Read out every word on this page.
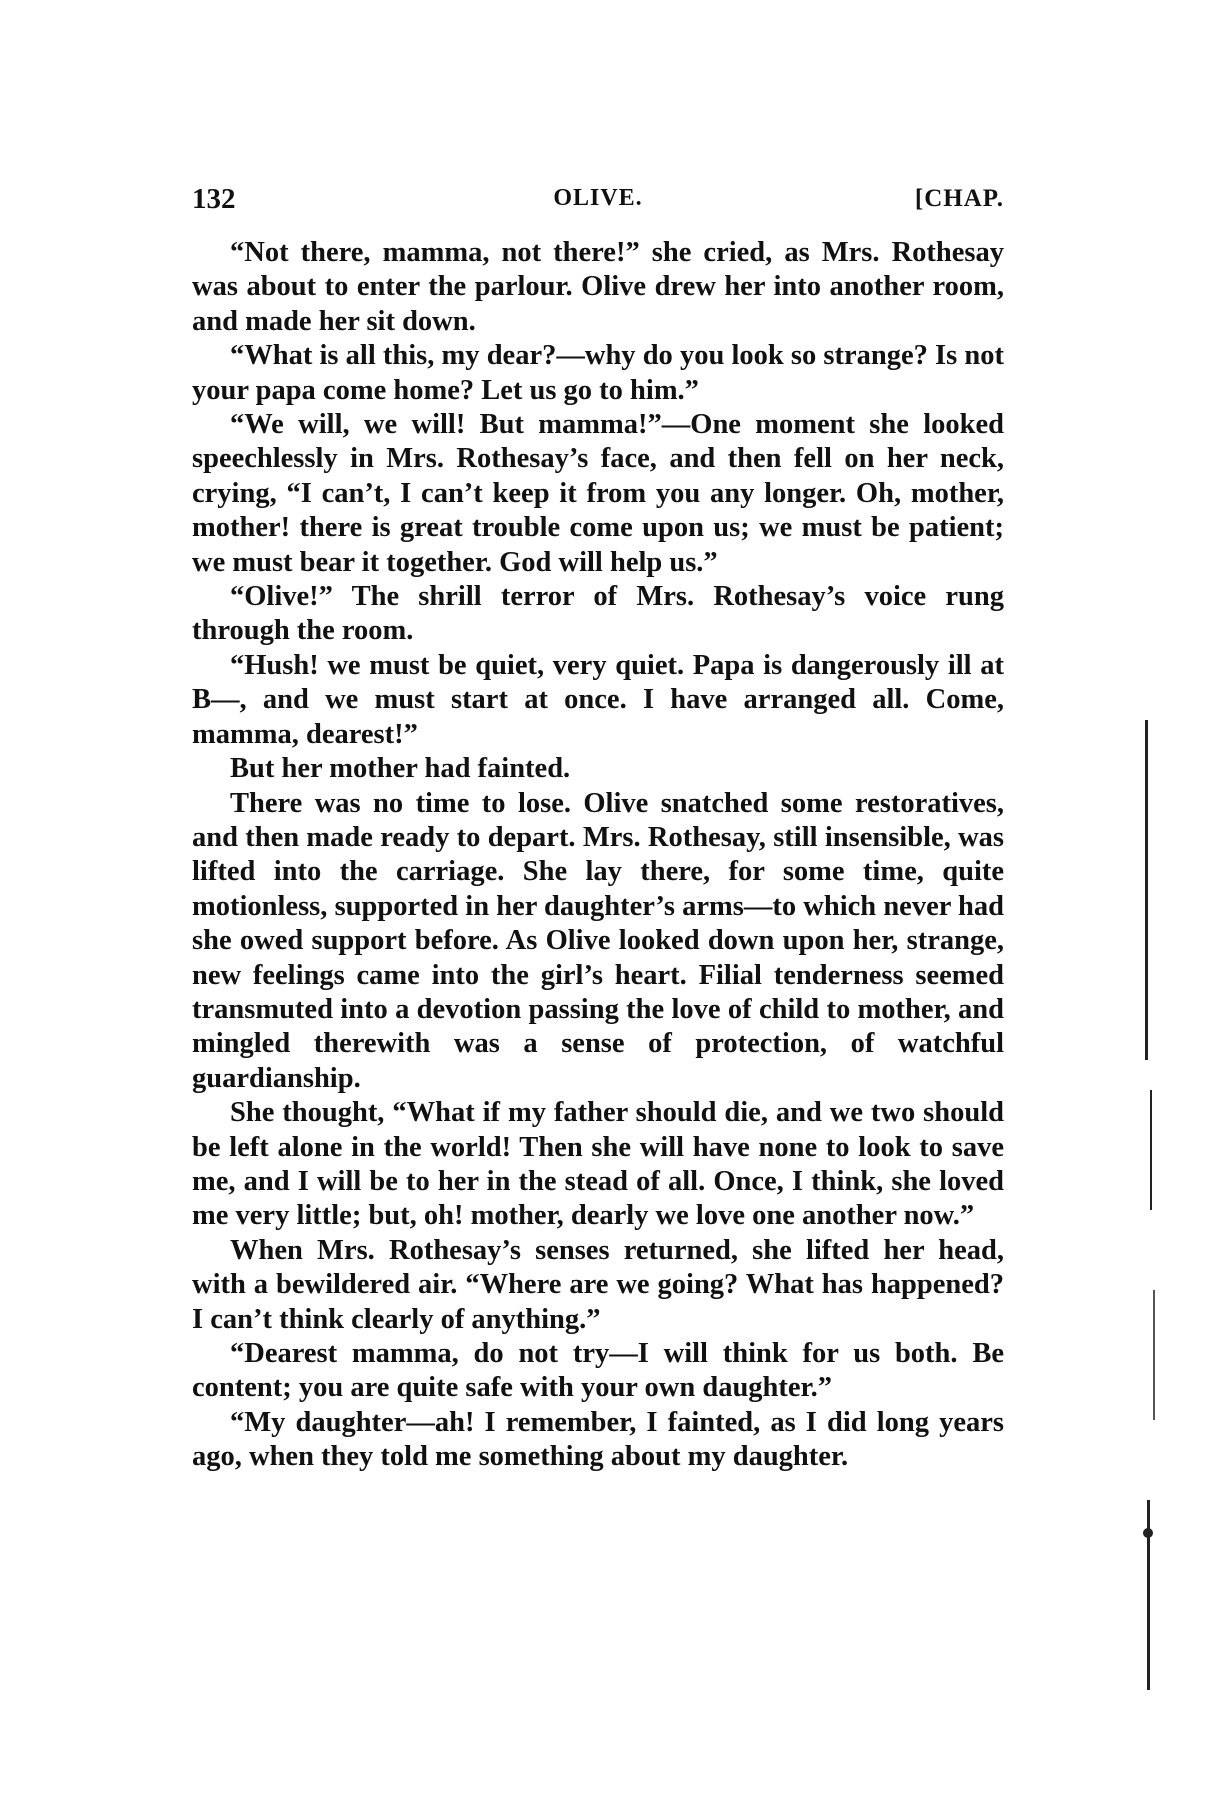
132	OLIVE.	[CHAP.

“Not there, mamma, not there!” she cried, as Mrs. Rothesay was about to enter the parlour. Olive drew her into another room, and made her sit down.

“What is all this, my dear?—why do you look so strange? Is not your papa come home? Let us go to him.”

“We will, we will! But mamma!”—One moment she looked speechlessly in Mrs. Rothesay’s face, and then fell on her neck, crying, “I can’t, I can’t keep it from you any longer. Oh, mother, mother! there is great trouble come upon us; we must be patient; we must bear it together. God will help us.”

“Olive!” The shrill terror of Mrs. Rothesay’s voice rung through the room.

“Hush! we must be quiet, very quiet. Papa is dangerously ill at B—, and we must start at once. I have arranged all. Come, mamma, dearest!”

But her mother had fainted.

There was no time to lose. Olive snatched some restoratives, and then made ready to depart. Mrs. Rothesay, still insensible, was lifted into the carriage. She lay there, for some time, quite motionless, supported in her daughter’s arms—to which never had she owed support before. As Olive looked down upon her, strange, new feelings came into the girl’s heart. Filial tenderness seemed transmuted into a devotion passing the love of child to mother, and mingled therewith was a sense of protection, of watchful guardianship.

She thought, “What if my father should die, and we two should be left alone in the world! Then she will have none to look to save me, and I will be to her in the stead of all. Once, I think, she loved me very little; but, oh! mother, dearly we love one another now.”

When Mrs. Rothesay’s senses returned, she lifted her head, with a bewildered air. “Where are we going? What has happened? I can’t think clearly of anything.”

“Dearest mamma, do not try—I will think for us both. Be content; you are quite safe with your own daughter.”

“My daughter—ah! I remember, I fainted, as I did long years ago, when they told me something about my daughter.
